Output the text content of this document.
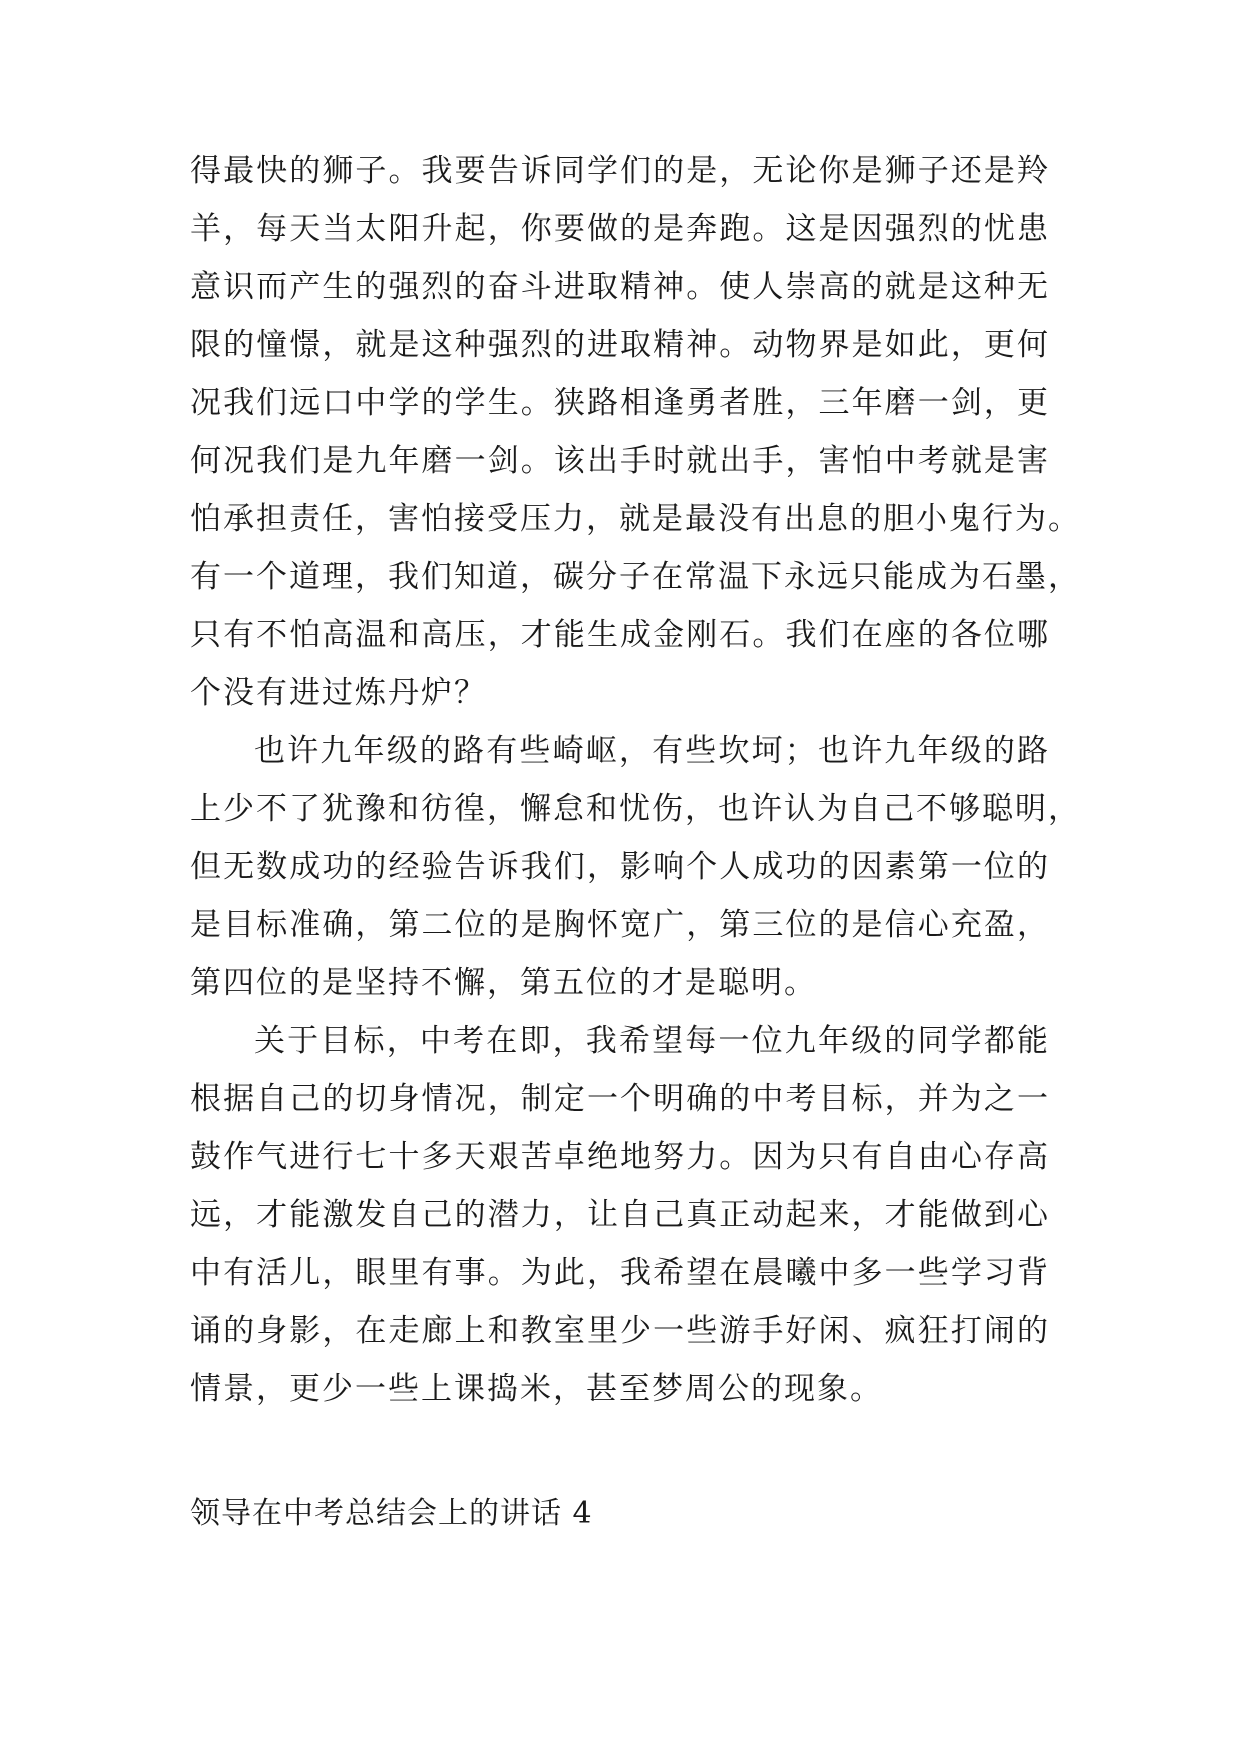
得最快的狮子。我要告诉同学们的是，无论你是狮子还是羚
羊，每天当太阳升起，你要做的是奔跑。这是因强烈的忧患
意识而产生的强烈的奋斗进取精神。使人崇高的就是这种无
限的憧憬，就是这种强烈的进取精神。动物界是如此，更何
况我们远口中学的学生。狭路相逢勇者胜，三年磨一剑，更
何况我们是九年磨一剑。该出手时就出手，害怕中考就是害
怕承担责任，害怕接受压力，就是最没有出息的胆小鬼行为。
有一个道理，我们知道，碳分子在常温下永远只能成为石墨，
只有不怕高温和高压，才能生成金刚石。我们在座的各位哪
个没有进过炼丹炉？
也许九年级的路有些崎岖，有些坎坷；也许九年级的路
上少不了犹豫和彷徨，懈怠和忧伤，也许认为自己不够聪明，
但无数成功的经验告诉我们，影响个人成功的因素第一位的
是目标准确，第二位的是胸怀宽广，第三位的是信心充盈，
第四位的是坚持不懈，第五位的才是聪明。
关于目标，中考在即，我希望每一位九年级的同学都能
根据自己的切身情况，制定一个明确的中考目标，并为之一
鼓作气进行七十多天艰苦卓绝地努力。因为只有自由心存高
远，才能激发自己的潜力，让自己真正动起来，才能做到心
中有活儿，眼里有事。为此，我希望在晨曦中多一些学习背
诵的身影，在走廊上和教室里少一些游手好闲、疯狂打闹的
情景，更少一些上课捣米，甚至梦周公的现象。
领导在中考总结会上的讲话 4
